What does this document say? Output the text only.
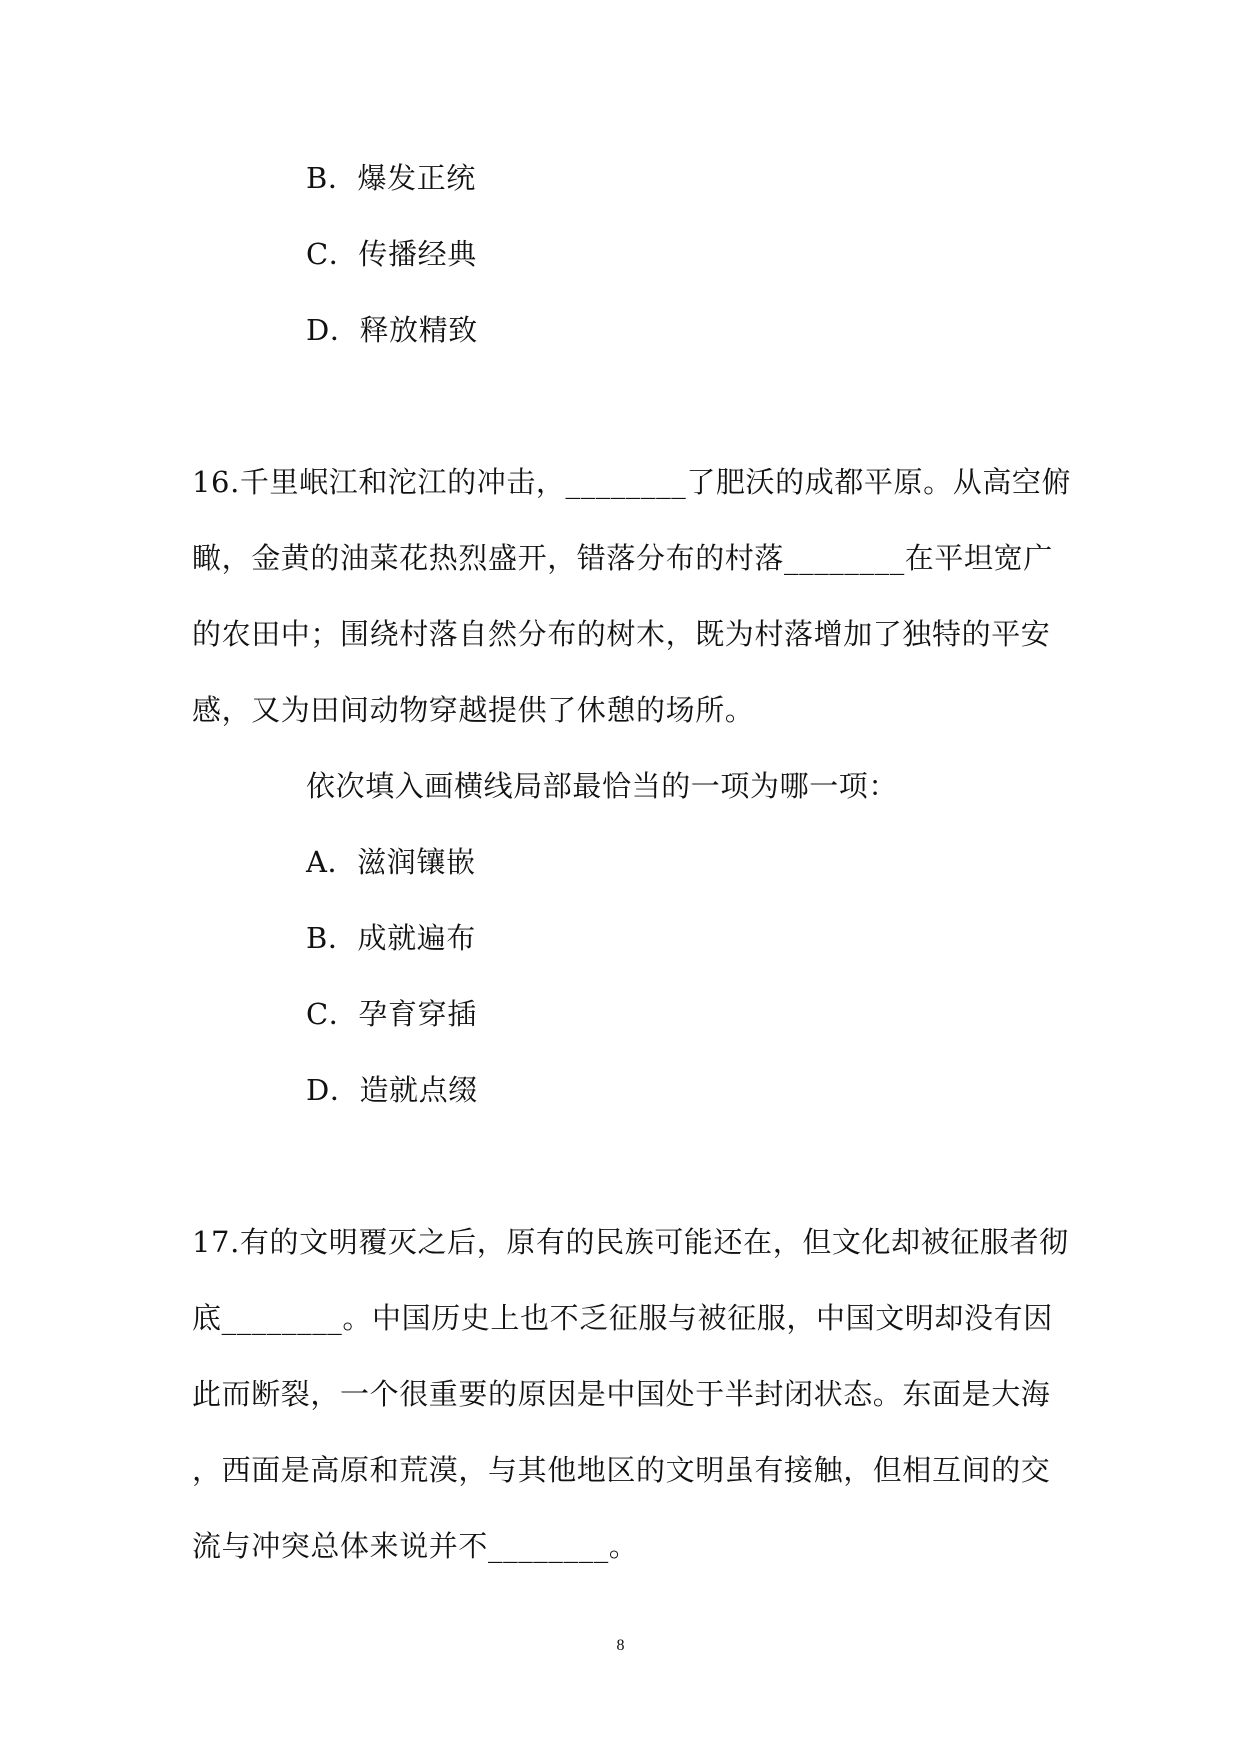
B．爆发正统
C．传播经典
D．释放精致
16.千里岷江和沱江的冲击，________了肥沃的成都平原。从高空俯
瞰，金黄的油菜花热烈盛开，错落分布的村落________在平坦宽广
的农田中；围绕村落自然分布的树木，既为村落增加了独特的平安
感，又为田间动物穿越提供了休憩的场所。
依次填入画横线局部最恰当的一项为哪一项：
A．滋润镶嵌
B．成就遍布
C．孕育穿插
D．造就点缀
17.有的文明覆灭之后，原有的民族可能还在，但文化却被征服者彻
底________。中国历史上也不乏征服与被征服，中国文明却没有因
此而断裂，一个很重要的原因是中国处于半封闭状态。东面是大海
，西面是高原和荒漠，与其他地区的文明虽有接触，但相互间的交
流与冲突总体来说并不________。
8
